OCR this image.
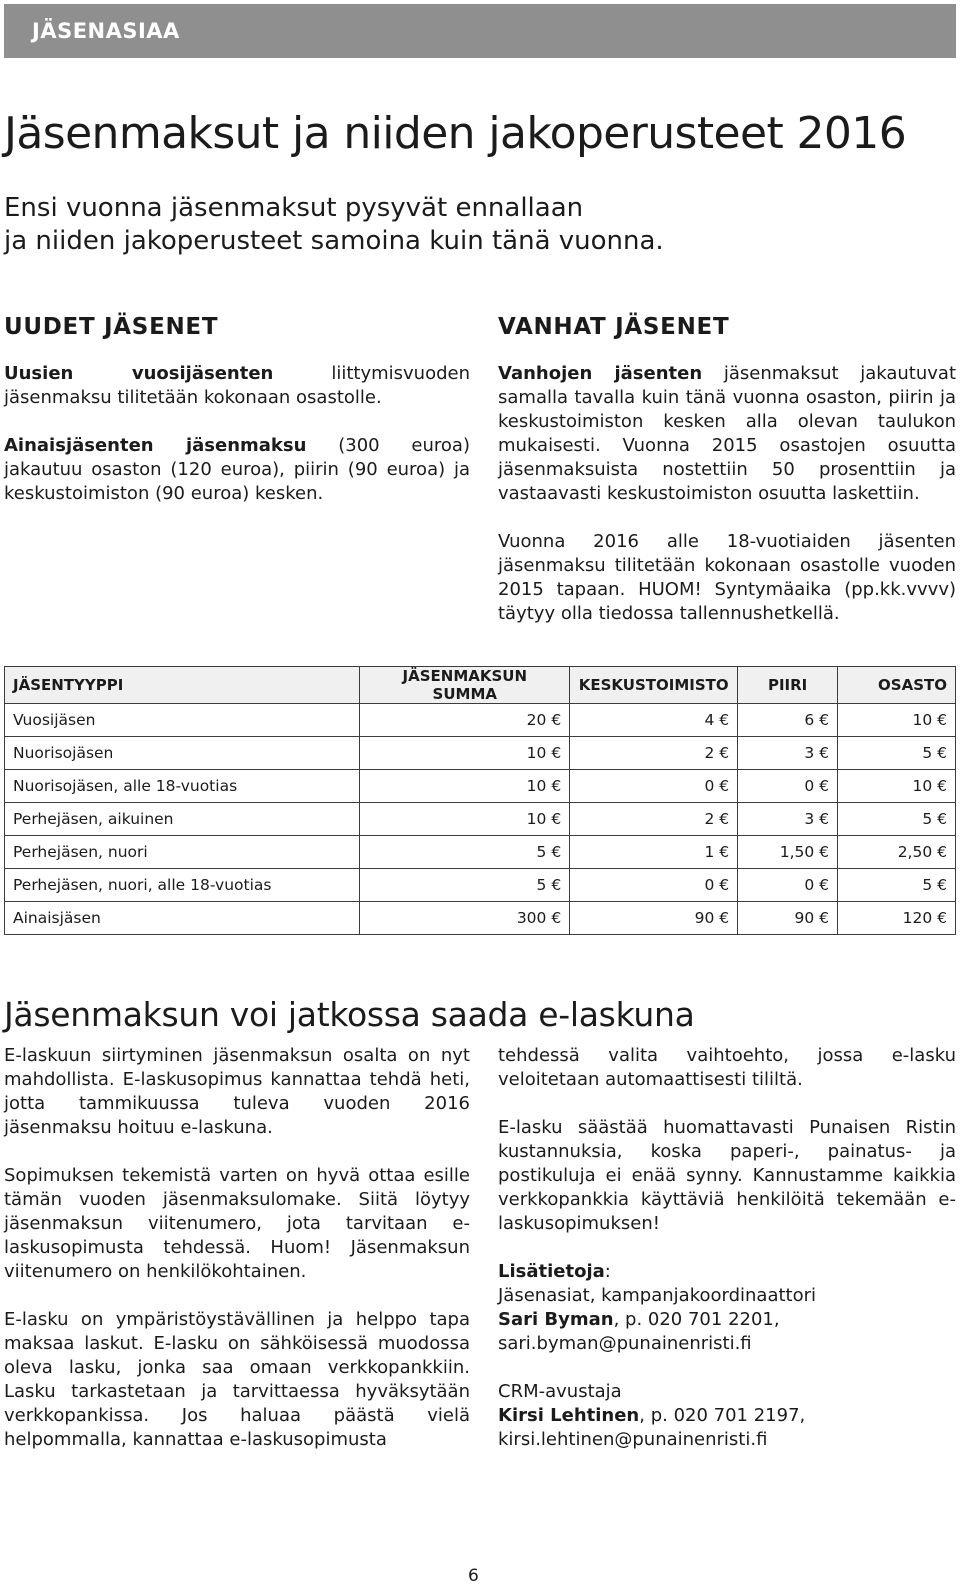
JÄSENASIAA
Jäsenmaksut ja niiden jakoperusteet 2016
Ensi vuonna jäsenmaksut pysyvät ennallaan
ja niiden jakoperusteet samoina kuin tänä vuonna.
UUDET JÄSENET

Uusien vuosijäsenten liittymisvuoden jäsenmaksu tilitetään kokonaan osastolle.

Ainaisjäsenten jäsenmaksu (300 euroa) jakautuu osaston (120 euroa), piirin (90 euroa) ja keskustoimiston (90 euroa) kesken.

VANHAT JÄSENET

Vanhojen jäsenten jäsenmaksut jakautuvat samalla tavalla kuin tänä vuonna osaston, piirin ja keskustoimiston kesken alla olevan taulukon mukaisesti. Vuonna 2015 osastojen osuutta jäsenmaksuista nostettiin 50 prosenttiin ja vastaavasti keskustoimiston osuutta laskettiin.

Vuonna 2016 alle 18-vuotiaiden jäsenten jäsenmaksu tilitetään kokonaan osastolle vuoden 2015 tapaan. HUOM! Syntymäaika (pp.kk.vvvv) täytyy olla tiedossa tallennushetkellä.

JÄSENTYYPPI	JÄSENMAKSUN SUMMA	KESKUSTOIMISTO	PIIRI	OSASTO
Vuosijäsen	20 €	4 €	6 €	10 €
Nuorisojäsen	10 €	2 €	3 €	5 €
Nuorisojäsen, alle 18-vuotias	10 €	0 €	0 €	10 €
Perhejäsen, aikuinen	10 €	2 €	3 €	5 €
Perhejäsen, nuori	5 €	1 €	1,50 €	2,50 €
Perhejäsen, nuori, alle 18-vuotias	5 €	0 €	0 €	5 €
Ainaisjäsen	300 €	90 €	90 €	120 €
Jäsenmaksun voi jatkossa saada e-laskuna

E-laskuun siirtyminen jäsenmaksun osalta on nyt mahdollista. E-laskusopimus kannattaa tehdä heti, jotta tammikuussa tuleva vuoden 2016 jäsenmaksu hoituu e-laskuna.

Sopimuksen tekemistä varten on hyvä ottaa esille tämän vuoden jäsenmaksulomake. Siitä löytyy jäsenmaksun viitenumero, jota tarvitaan e-laskusopimusta tehdessä. Huom! Jäsenmaksun viitenumero on henkilökohtainen.

E-lasku on ympäristöystävällinen ja helppo tapa maksaa laskut. E-lasku on sähköisessä muodossa oleva lasku, jonka saa omaan verkkopankkiin. Lasku tarkastetaan ja tarvittaessa hyväksytään verkkopankissa. Jos haluaa päästä vielä helpommalla, kannattaa e-laskusopimusta

tehdessä valita vaihtoehto, jossa e-lasku veloitetaan automaattisesti tililtä.

E-lasku säästää huomattavasti Punaisen Ristin kustannuksia, koska paperi-, painatus- ja postikuluja ei enää synny. Kannustamme kaikkia verkkopankkia käyttäviä henkilöitä tekemään e-laskusopimuksen!

Lisätietoja:
Jäsenasiat, kampanjakoordinaattori
Sari Byman, p. 020 701 2201,
sari.byman@punainenristi.fi

CRM-avustaja
Kirsi Lehtinen, p. 020 701 2197,
kirsi.lehtinen@punainenristi.fi

6
